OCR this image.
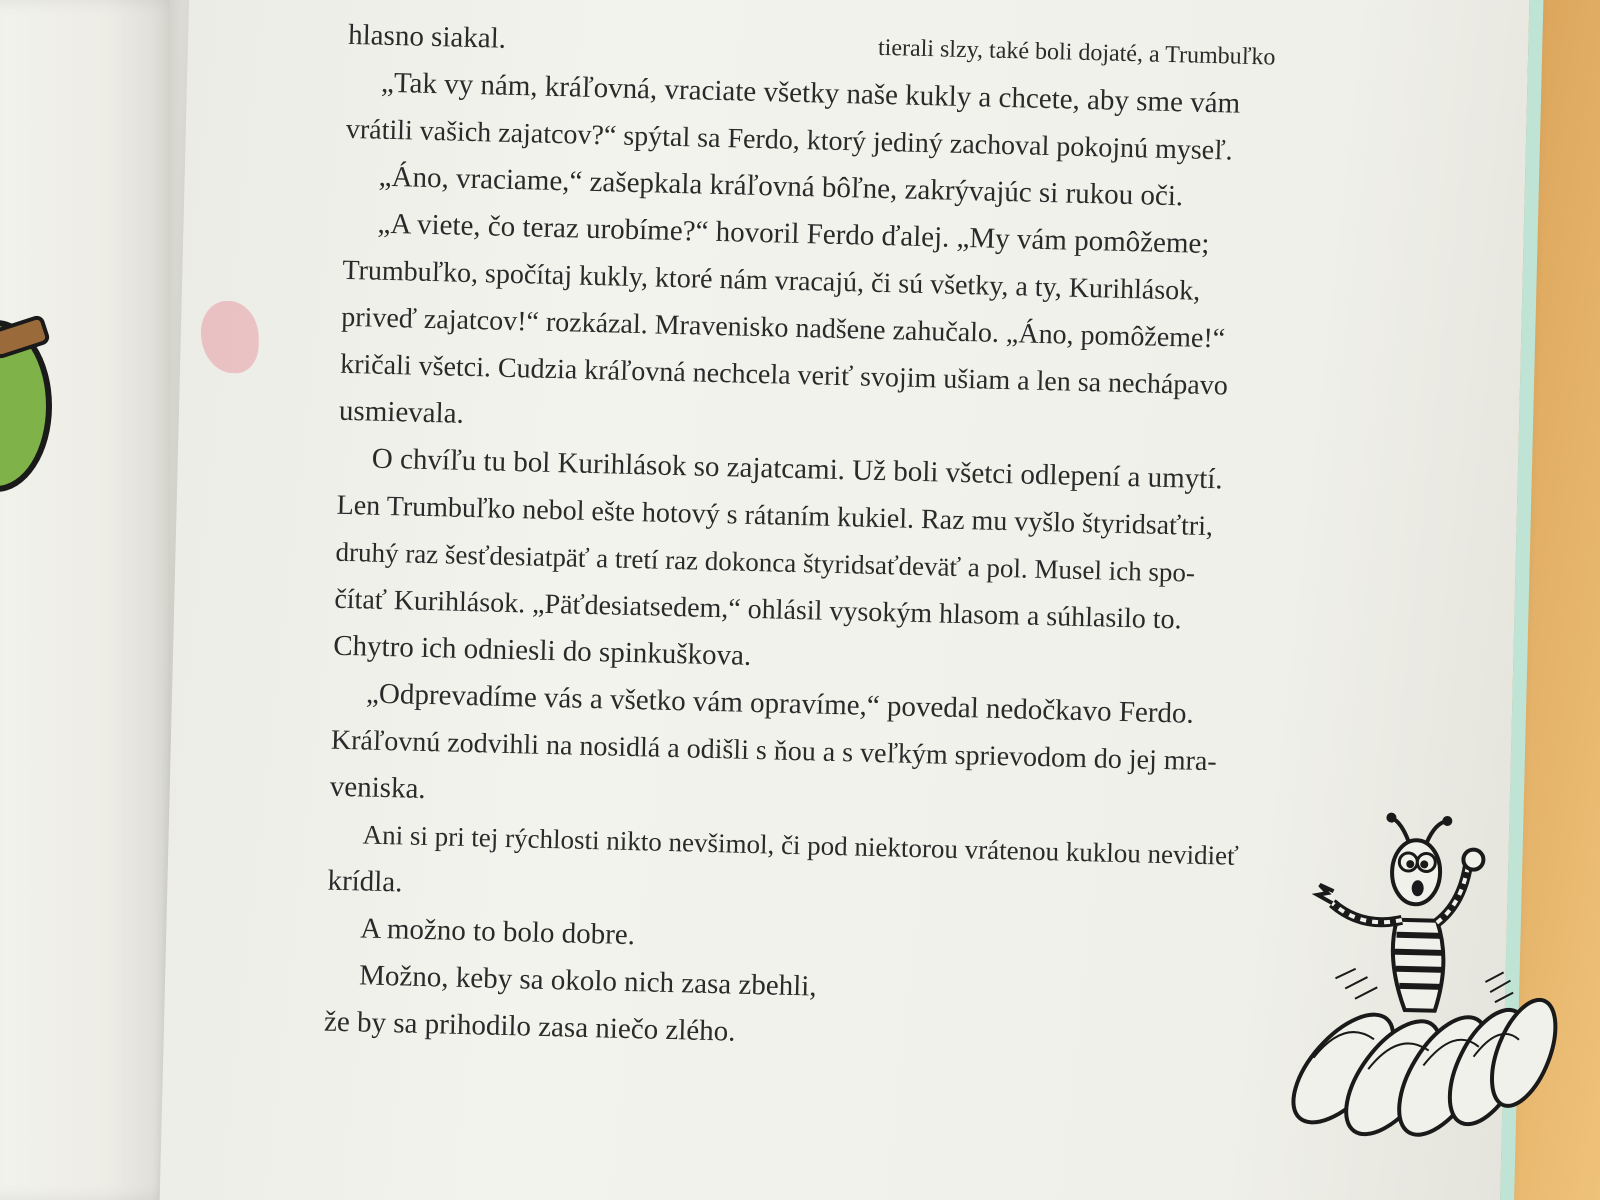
hlasno siakal.	tierali slzy, také boli dojaté, a Trumbuľko

„Tak vy nám, kráľovná, vraciate všetky naše kukly a chcete, aby sme vám

vrátili vašich zajatcov?“ spýtal sa Ferdo, ktorý jediný zachoval pokojnú myseľ.

„Áno, vraciame,“ zašepkala kráľovná bôľne, zakrývajúc si rukou oči.

„A viete, čo teraz urobíme?“ hovoril Ferdo ďalej. „My vám pomôžeme;

Trumbuľko, spočítaj kukly, ktoré nám vracajú, či sú všetky, a ty, Kurihlások,

priveď zajatcov!“ rozkázal. Mravenisko nadšene zahučalo. „Áno, pomôžeme!“

kričali všetci. Cudzia kráľovná nechcela veriť svojim ušiam a len sa nechápavo

usmievala.

O chvíľu tu bol Kurihlások so zajatcami. Už boli všetci odlepení a umytí.

Len Trumbuľko nebol ešte hotový s rátaním kukiel. Raz mu vyšlo štyridsaťtri,

druhý raz šesťdesiatpäť a tretí raz dokonca štyridsaťdeväť a pol. Musel ich spo-

čítať Kurihlások. „Päťdesiatsedem,“ ohlásil vysokým hlasom a súhlasilo to.

Chytro ich odniesli do spinkuškova.

„Odprevadíme vás a všetko vám opravíme,“ povedal nedočkavo Ferdo.

Kráľovnú zodvihli na nosidlá a odišli s ňou a s veľkým sprievodom do jej mra-

veniska.

Ani si pri tej rýchlosti nikto nevšimol, či pod niektorou vrátenou kuklou nevidieť

krídla.

A možno to bolo dobre.

Možno, keby sa okolo nich zasa zbehli,

že by sa prihodilo zasa niečo zlého.
